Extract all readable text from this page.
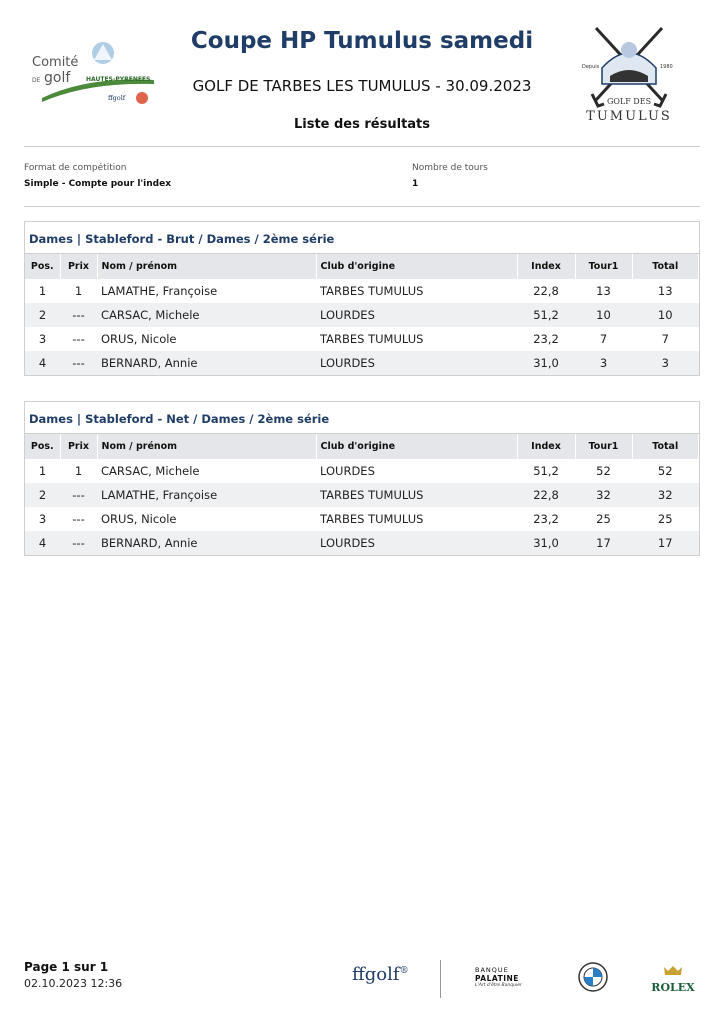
Comité
DE golf	HAUTES-PYRENEES
ffgolf
Coupe HP Tumulus samedi
GOLF DE TARBES LES TUMULUS - 30.09.2023
Liste des résultats
Depuis	1980
GOLF DES
TUMULUS
Format de compétition
Simple - Compte pour l'index
Nombre de tours
1
Dames | Stableford - Brut / Dames / 2ème série
Pos.	Prix	Nom / prénom	Club d'origine	Index	Tour1	Total
1	1	LAMATHE, Françoise	TARBES TUMULUS	22,8	13	13
2	---	CARSAC, Michele	LOURDES	51,2	10	10
3	---	ORUS, Nicole	TARBES TUMULUS	23,2	7	7
4	---	BERNARD, Annie	LOURDES	31,0	3	3
Dames | Stableford - Net / Dames / 2ème série
Pos.	Prix	Nom / prénom	Club d'origine	Index	Tour1	Total
1	1	CARSAC, Michele	LOURDES	51,2	52	52
2	---	LAMATHE, Françoise	TARBES TUMULUS	22,8	32	32
3	---	ORUS, Nicole	TARBES TUMULUS	23,2	25	25
4	---	BERNARD, Annie	LOURDES	31,0	17	17
Page 1 sur 1
02.10.2023 12:36	ffgolf®	BANQUE
PALATINE
L'Art d'être Banquier	ROLEX
